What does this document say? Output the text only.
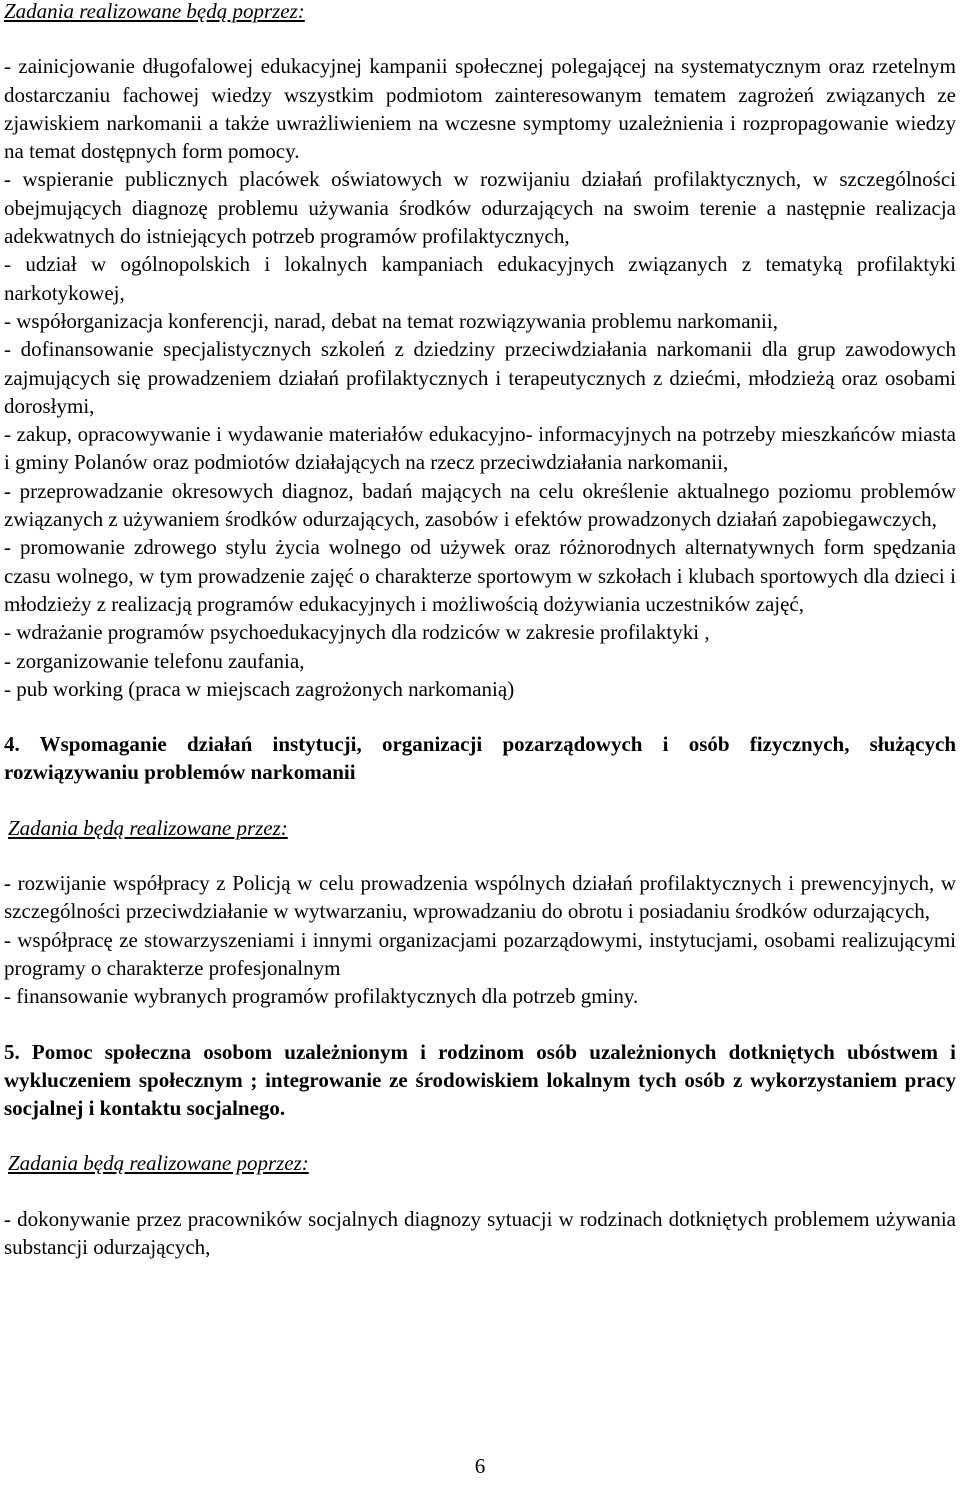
Zadania realizowane będą poprzez:

- zainicjowanie długofalowej edukacyjnej kampanii społecznej polegającej na systematycznym oraz rzetelnym dostarczaniu fachowej wiedzy wszystkim podmiotom zainteresowanym tematem zagrożeń związanych ze zjawiskiem narkomanii a także uwrażliwieniem na wczesne symptomy uzależnienia i rozpropagowanie wiedzy na temat dostępnych form pomocy.

- wspieranie publicznych placówek oświatowych w rozwijaniu działań profilaktycznych, w szczególności obejmujących diagnozę problemu używania środków odurzających na swoim terenie a następnie realizacja adekwatnych do istniejących potrzeb programów profilaktycznych,

- udział w ogólnopolskich i lokalnych kampaniach edukacyjnych związanych z tematyką profilaktyki narkotykowej,

- współorganizacja konferencji, narad, debat na temat rozwiązywania problemu narkomanii,

- dofinansowanie specjalistycznych szkoleń z dziedziny przeciwdziałania narkomanii dla grup zawodowych zajmujących się prowadzeniem działań profilaktycznych i terapeutycznych z dziećmi, młodzieżą oraz osobami dorosłymi,

- zakup, opracowywanie i wydawanie materiałów edukacyjno- informacyjnych na potrzeby mieszkańców miasta i gminy Polanów oraz podmiotów działających na rzecz przeciwdziałania narkomanii,

- przeprowadzanie okresowych diagnoz, badań mających na celu określenie aktualnego poziomu problemów związanych z używaniem środków odurzających, zasobów i efektów prowadzonych działań zapobiegawczych,

- promowanie zdrowego stylu życia wolnego od używek oraz różnorodnych alternatywnych form spędzania czasu wolnego, w tym prowadzenie zajęć o charakterze sportowym w szkołach i klubach sportowych dla dzieci i młodzieży z realizacją programów edukacyjnych i możliwością dożywiania uczestników zajęć,

- wdrażanie programów psychoedukacyjnych dla rodziców w zakresie profilaktyki ,

- zorganizowanie telefonu zaufania,

- pub working (praca w miejscach zagrożonych narkomanią)

4. Wspomaganie działań instytucji, organizacji pozarządowych i osób fizycznych, służących rozwiązywaniu problemów narkomanii

Zadania będą realizowane przez:

- rozwijanie współpracy z Policją w celu prowadzenia wspólnych działań profilaktycznych i prewencyjnych, w szczególności przeciwdziałanie w wytwarzaniu, wprowadzaniu do obrotu i posiadaniu środków odurzających,

- współpracę ze stowarzyszeniami i innymi organizacjami pozarządowymi, instytucjami, osobami realizującymi programy o charakterze profesjonalnym

- finansowanie wybranych programów profilaktycznych dla potrzeb gminy.

5. Pomoc społeczna osobom uzależnionym i rodzinom osób uzależnionych dotkniętych ubóstwem i wykluczeniem społecznym ; integrowanie ze środowiskiem lokalnym tych osób z wykorzystaniem pracy socjalnej i kontaktu socjalnego.

Zadania będą realizowane poprzez:

- dokonywanie przez pracowników socjalnych diagnozy sytuacji w rodzinach dotkniętych problemem używania substancji odurzających,

6
